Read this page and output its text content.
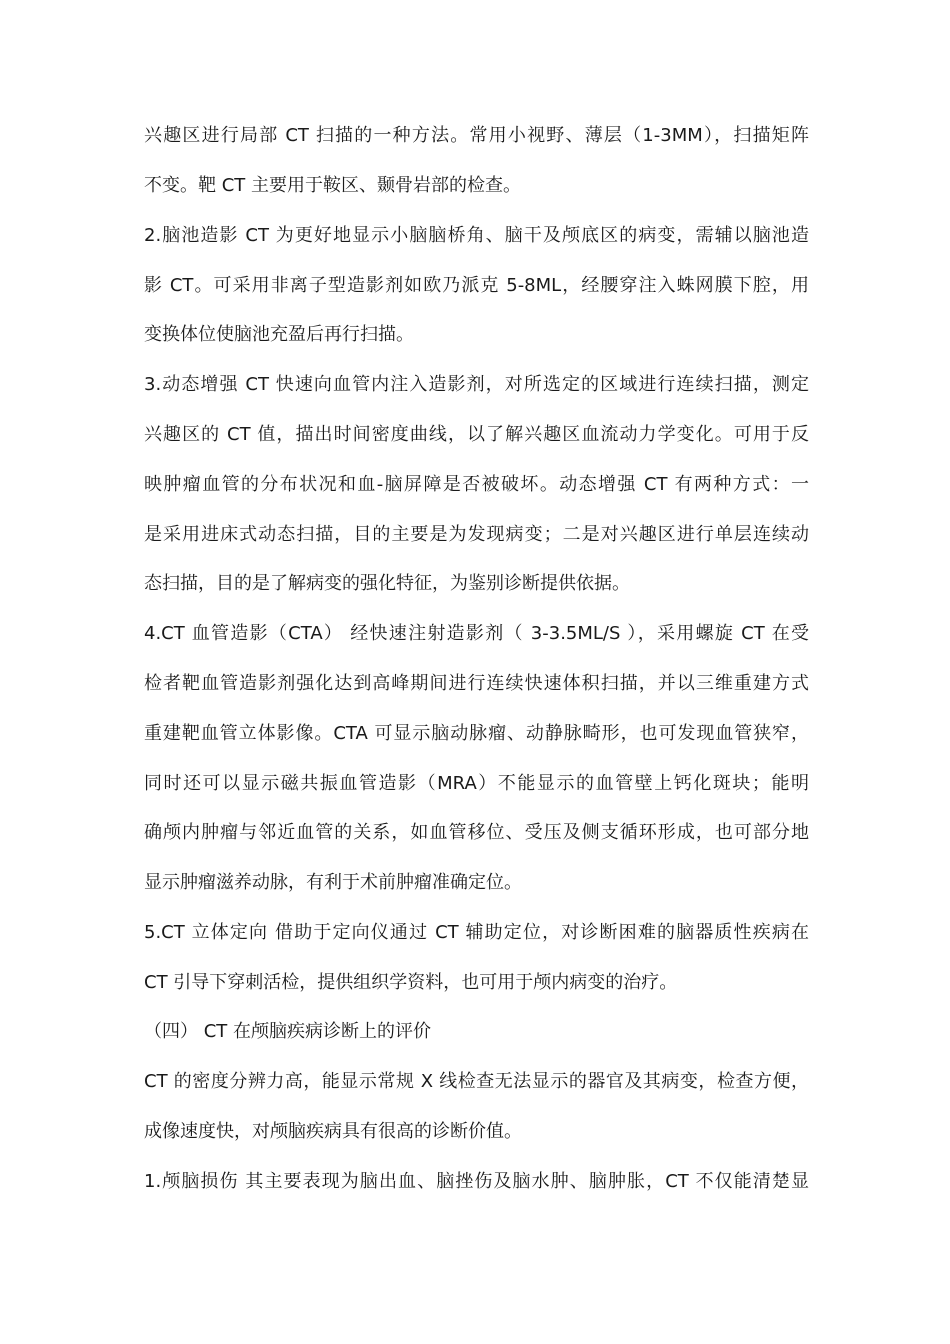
兴趣区进行局部 CT 扫描的一种方法。常用小视野、薄层（1-3MM），扫描矩阵
不变。靶 CT 主要用于鞍区、颞骨岩部的检查。
2.脑池造影 CT 为更好地显示小脑脑桥角、脑干及颅底区的病变，需辅以脑池造
影 CT。可采用非离子型造影剂如欧乃派克 5-8ML，经腰穿注入蛛网膜下腔，用
变换体位使脑池充盈后再行扫描。
3.动态增强 CT 快速向血管内注入造影剂，对所选定的区域进行连续扫描，测定
兴趣区的 CT 值，描出时间密度曲线，以了解兴趣区血流动力学变化。可用于反
映肿瘤血管的分布状况和血-脑屏障是否被破坏。动态增强 CT 有两种方式：一
是采用进床式动态扫描，目的主要是为发现病变；二是对兴趣区进行单层连续动
态扫描，目的是了解病变的强化特征，为鉴别诊断提供依据。
4.CT 血管造影（CTA） 经快速注射造影剂（ 3-3.5ML/S ），采用螺旋 CT 在受
检者靶血管造影剂强化达到高峰期间进行连续快速体积扫描，并以三维重建方式
重建靶血管立体影像。CTA 可显示脑动脉瘤、动静脉畸形，也可发现血管狭窄，
同时还可以显示磁共振血管造影（MRA）不能显示的血管壁上钙化斑块；能明
确颅内肿瘤与邻近血管的关系，如血管移位、受压及侧支循环形成，也可部分地
显示肿瘤滋养动脉，有利于术前肿瘤准确定位。
5.CT 立体定向 借助于定向仪通过 CT 辅助定位，对诊断困难的脑器质性疾病在
CT 引导下穿刺活检，提供组织学资料，也可用于颅内病变的治疗。
（四） CT 在颅脑疾病诊断上的评价
CT 的密度分辨力高，能显示常规 X 线检查无法显示的器官及其病变，检查方便，
成像速度快，对颅脑疾病具有很高的诊断价值。
1.颅脑损伤 其主要表现为脑出血、脑挫伤及脑水肿、脑肿胀，CT 不仅能清楚显
